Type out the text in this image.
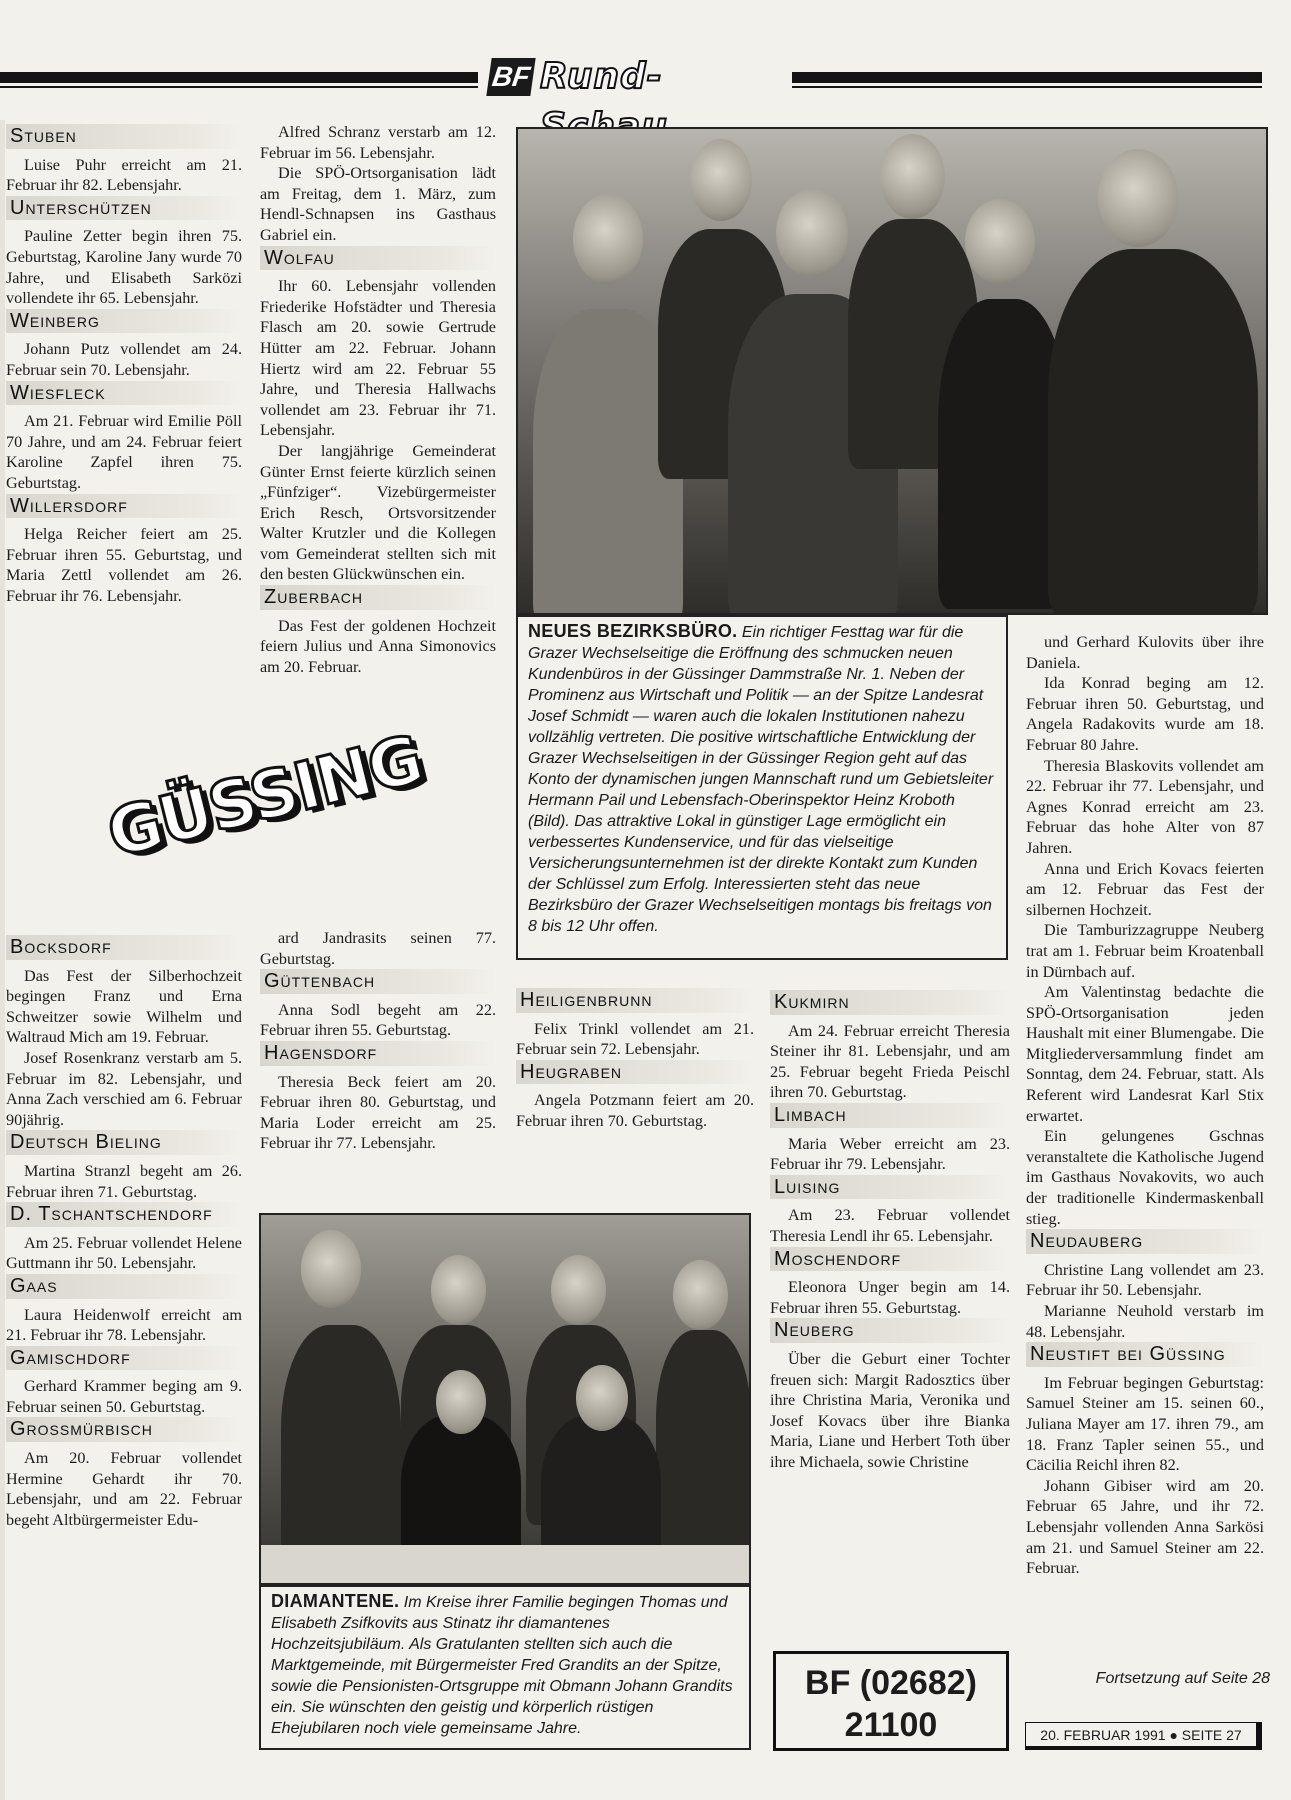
BF Rund-
Stuben

Luise Puhr erreicht am 21. Februar ihr 82. Lebensjahr.

Unterschützen

Pauline Zetter begin ihren 75. Geburtstag, Karoline Jany wurde 70 Jahre, und Elisabeth Sarközi vollendete ihr 65. Lebensjahr.

Weinberg

Johann Putz vollendet am 24. Februar sein 70. Lebensjahr.

Wiesfleck

Am 21. Februar wird Emilie Pöll 70 Jahre, und am 24. Februar feiert Karoline Zapfel ihren 75. Geburtstag.

Willersdorf

Helga Reicher feiert am 25. Februar ihren 55. Geburtstag, und Maria Zettl vollendet am 26. Februar ihr 76. Lebensjahr.

Alfred Schranz verstarb am 12. Februar im 56. Lebensjahr.

Die SPÖ-Ortsorganisation lädt am Freitag, dem 1. März, zum Hendl-Schnapsen ins Gasthaus Gabriel ein.

Wolfau

Ihr 60. Lebensjahr vollenden Friederike Hofstädter und Theresia Flasch am 20. sowie Gertrude Hütter am 22. Februar. Johann Hiertz wird am 22. Februar 55 Jahre, und Theresia Hallwachs vollendet am 23. Februar ihr 71. Lebensjahr.

Der langjährige Gemeinderat Günter Ernst feierte kürzlich seinen „Fünfziger“. Vizebürgermeister Erich Resch, Ortsvorsitzender Walter Krutzler und die Kollegen vom Gemeinderat stellten sich mit den besten Glückwünschen ein.

Zuberbach

Das Fest der goldenen Hochzeit feiern Julius und Anna Simonovics am 20. Februar.

NEUES BEZIRKSBÜRO. Ein richtiger Festtag war für die Grazer Wechselseitige die Eröffnung des schmucken neuen Kundenbüros in der Güssinger Dammstraße Nr. 1. Neben der Prominenz aus Wirtschaft und Politik — an der Spitze Landesrat Josef Schmidt — waren auch die lokalen Institutionen nahezu vollzählig vertreten. Die positive wirtschaftliche Entwicklung der Grazer Wechselseitigen in der Güssinger Region geht auf das Konto der dynamischen jungen Mannschaft rund um Gebietsleiter Hermann Pail und Lebensfach-Oberinspektor Heinz Kroboth (Bild). Das attraktive Lokal in günstiger Lage ermöglicht ein verbessertes Kundenservice, und für das vielseitige Versicherungsunternehmen ist der direkte Kontakt zum Kunden der Schlüssel zum Erfolg. Interessierten steht das neue Bezirksbüro der Grazer Wechselseitigen montags bis freitags von 8 bis 12 Uhr offen.

und Gerhard Kulovits über ihre Daniela.

Ida Konrad beging am 12. Februar ihren 50. Geburtstag, und Angela Radakovits wurde am 18. Februar 80 Jahre.

Theresia Blaskovits vollendet am 22. Februar ihr 77. Lebensjahr, und Agnes Konrad erreicht am 23. Februar das hohe Alter von 87 Jahren.

Anna und Erich Kovacs feierten am 12. Februar das Fest der silbernen Hochzeit.

Die Tamburizzagruppe Neuberg trat am 1. Februar beim Kroatenball in Dürnbach auf.

Am Valentinstag bedachte die SPÖ-Ortsorganisation jeden Haushalt mit einer Blumengabe. Die Mitgliederversammlung findet am Sonntag, dem 24. Februar, statt. Als Referent wird Landesrat Karl Stix erwartet.

Ein gelungenes Gschnas veranstaltete die Katholische Jugend im Gasthaus Novakovits, wo auch der traditionelle Kindermaskenball stieg.

Neudauberg

Christine Lang vollendet am 23. Februar ihr 50. Lebensjahr.

Marianne Neuhold verstarb im 48. Lebensjahr.

Neustift bei Güssing

Im Februar begingen Geburtstag: Samuel Steiner am 15. seinen 60., Juliana Mayer am 17. ihren 79., am 18. Franz Tapler seinen 55., und Cäcilia Reichl ihren 82.

Johann Gibiser wird am 20. Februar 65 Jahre, und ihr 72. Lebensjahr vollenden Anna Sarkösi am 21. und Samuel Steiner am 22. Februar.

GÜSSING
Bocksdorf

Das Fest der Silberhochzeit begingen Franz und Erna Schweitzer sowie Wilhelm und Waltraud Mich am 19. Februar.

Josef Rosenkranz verstarb am 5. Februar im 82. Lebensjahr, und Anna Zach verschied am 6. Februar 90jährig.

Deutsch Bieling

Martina Stranzl begeht am 26. Februar ihren 71. Geburtstag.

D. Tschantschendorf

Am 25. Februar vollendet Helene Guttmann ihr 50. Lebensjahr.

Gaas

Laura Heidenwolf erreicht am 21. Februar ihr 78. Lebensjahr.

Gamischdorf

Gerhard Krammer beging am 9. Februar seinen 50. Geburtstag.

Grossmürbisch

Am 20. Februar vollendet Hermine Gehardt ihr 70. Lebensjahr, und am 22. Februar begeht Altbürgermeister Edu-

ard Jandrasits seinen 77. Geburtstag.

Güttenbach

Anna Sodl begeht am 22. Februar ihren 55. Geburtstag.

Hagensdorf

Theresia Beck feiert am 20. Februar ihren 80. Geburtstag, und Maria Loder erreicht am 25. Februar ihr 77. Lebensjahr.

Heiligenbrunn

Felix Trinkl vollendet am 21. Februar sein 72. Lebensjahr.

Heugraben

Angela Potzmann feiert am 20. Februar ihren 70. Geburtstag.

Kukmirn

Am 24. Februar erreicht Theresia Steiner ihr 81. Lebensjahr, und am 25. Februar begeht Frieda Peischl ihren 70. Geburtstag.

Limbach

Maria Weber erreicht am 23. Februar ihr 79. Lebensjahr.

Luising

Am 23. Februar vollendet Theresia Lendl ihr 65. Lebensjahr.

Moschendorf

Eleonora Unger begin am 14. Februar ihren 55. Geburtstag.

Neuberg

Über die Geburt einer Tochter freuen sich: Margit Radosztics über ihre Christina Maria, Veronika und Josef Kovacs über ihre Bianka Maria, Liane und Herbert Toth über ihre Michaela, sowie Christine

DIAMANTENE. Im Kreise ihrer Familie begingen Thomas und Elisabeth Zsifkovits aus Stinatz ihr diamantenes Hochzeitsjubiläum. Als Gratulanten stellten sich auch die Marktgemeinde, mit Bürgermeister Fred Grandits an der Spitze, sowie die Pensionisten-Ortsgruppe mit Obmann Johann Grandits ein. Sie wünschten den geistig und körperlich rüstigen Ehejubilaren noch viele gemeinsame Jahre.
BF (02682)
21100
Fortsetzung auf Seite 28
20. FEBRUAR 1991 ● SEITE 27
